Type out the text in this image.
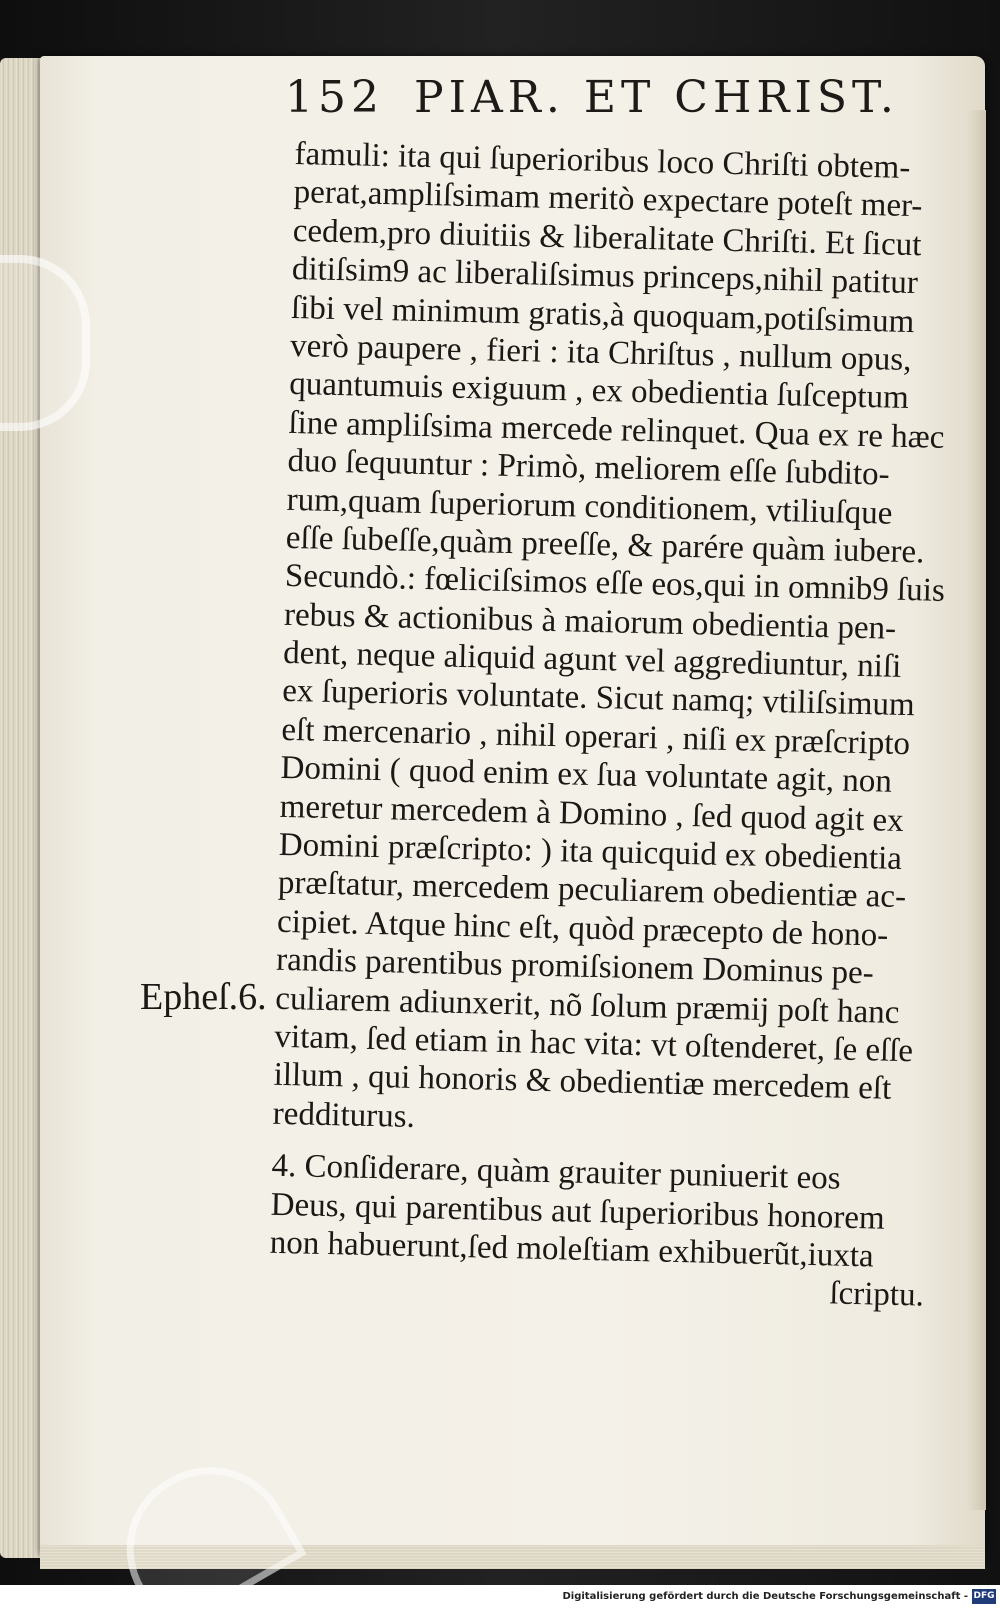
152 PIAR. ET CHRIST.
famuli: ita qui ſuperioribus loco Chriſti obtem-
perat,ampliſsimam meritò expectare poteſt mer-
cedem,pro diuitiis & liberalitate Chriſti. Et ſicut
ditiſsim9 ac liberaliſsimus princeps,nihil patitur
ſibi vel minimum gratis,à quoquam,potiſsimum
verò paupere , fieri : ita Chriſtus , nullum opus,
quantumuis exiguum , ex obedientia ſuſceptum
ſine ampliſsima mercede relinquet. Qua ex re hæc
duo ſequuntur : Primò, meliorem eſſe ſubdito-
rum,quam ſuperiorum conditionem, vtiliuſque
eſſe ſubeſſe,quàm preeſſe, & parére quàm iubere.
Secundò.: fœliciſsimos eſſe eos,qui in omnib9 ſuis
rebus & actionibus à maiorum obedientia pen-
dent, neque aliquid agunt vel aggrediuntur, niſi
ex ſuperioris voluntate. Sicut namq; vtiliſsimum
eſt mercenario , nihil operari , niſi ex præſcripto
Domini ( quod enim ex ſua voluntate agit, non
meretur mercedem à Domino , ſed quod agit ex
Domini præſcripto: ) ita quicquid ex obedientia
præſtatur, mercedem peculiarem obedientiæ ac-
cipiet. Atque hinc eſt, quòd præcepto de hono-
randis parentibus promiſsionem Dominus pe-
culiarem adiunxerit, nõ ſolum præmij poſt hanc
vitam, ſed etiam in hac vita: vt oſtenderet, ſe eſſe
illum , qui honoris & obedientiæ mercedem eſt
redditurus.
4. Conſiderare, quàm grauiter puniuerit eos
Deus, qui parentibus aut ſuperioribus honorem
non habuerunt,ſed moleſtiam exhibuerũt,iuxta
ſcriptu.
Epheſ.6.
Digitalisierung gefördert durch die Deutsche Forschungsgemeinschaft - DFG
